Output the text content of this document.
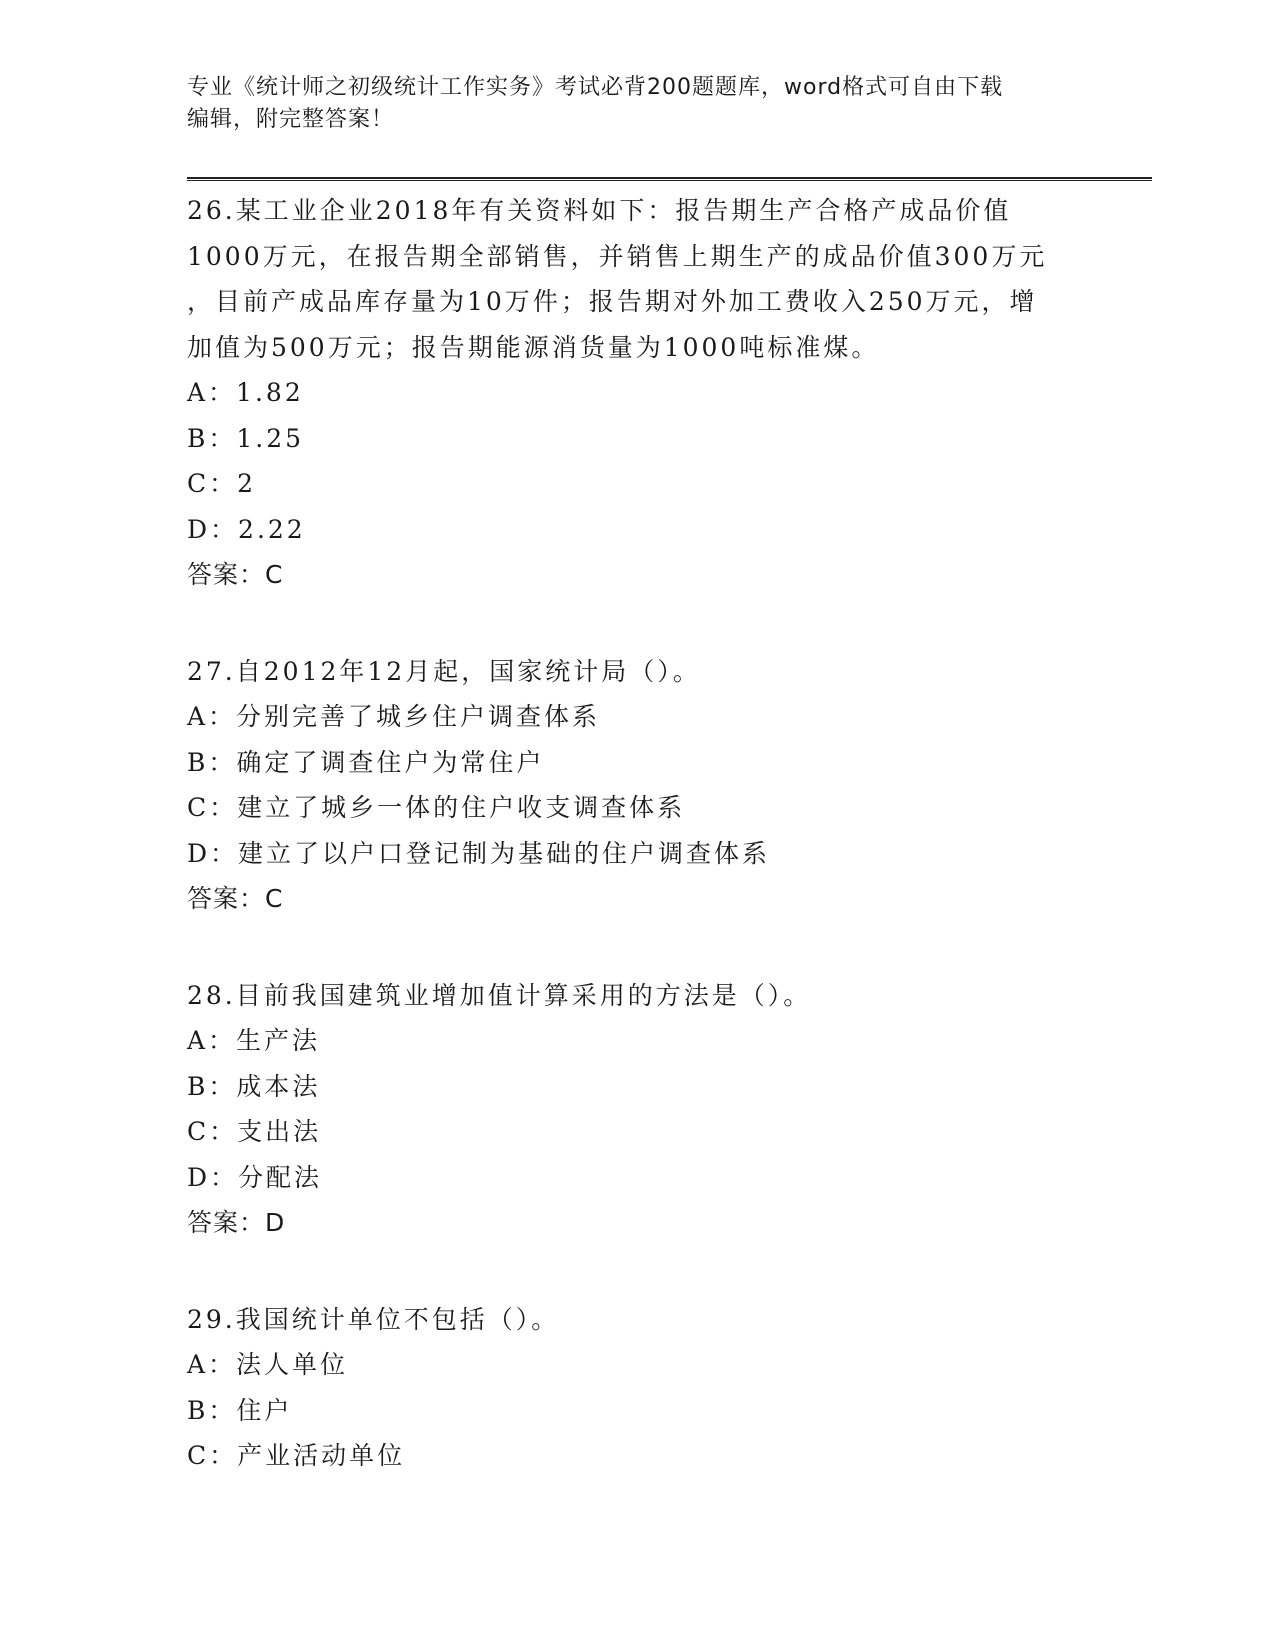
专业《统计师之初级统计工作实务》考试必背200题题库，word格式可自由下载
编辑，附完整答案！
26.某工业企业2018年有关资料如下：报告期生产合格产成品价值
1000万元，在报告期全部销售，并销售上期生产的成品价值300万元
，目前产成品库存量为10万件；报告期对外加工费收入250万元，增
加值为500万元；报告期能源消货量为1000吨标准煤。
A：1.82
B：1.25
C：2
D：2.22
答案：C
27.自2012年12月起，国家统计局（）。
A：分别完善了城乡住户调查体系
B：确定了调查住户为常住户
C：建立了城乡一体的住户收支调查体系
D：建立了以户口登记制为基础的住户调查体系
答案：C
28.目前我国建筑业增加值计算采用的方法是（）。
A：生产法
B：成本法
C：支出法
D：分配法
答案：D
29.我国统计单位不包括（）。
A：法人单位
B：住户
C：产业活动单位
